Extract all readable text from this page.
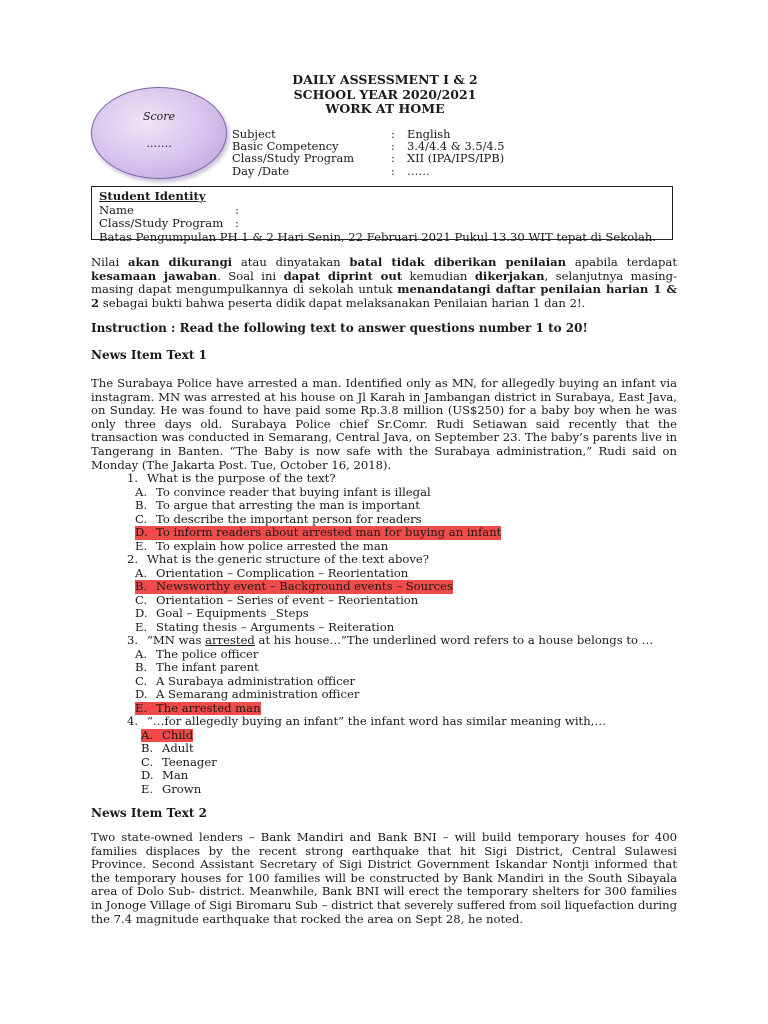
Score
…….
DAILY ASSESSMENT I & 2
SCHOOL YEAR 2020/2021
WORK AT HOME
Subject	:	English
Basic Competency	:	3.4/4.4 & 3.5/4.5
Class/Study Program	:	XII (IPA/IPS/IPB)
Day /Date	:	……
Student Identity
Name	:
Class/Study Program	:
Batas Pengumpulan PH 1 & 2 Hari Senin, 22 Februari 2021 Pukul 13.30 WIT tepat di Sekolah.
Nilai akan dikurangi atau dinyatakan batal tidak diberikan penilaian apabila terdapat kesamaan jawaban. Soal ini dapat diprint out kemudian dikerjakan, selanjutnya masing-masing dapat mengumpulkannya di sekolah untuk menandatangi daftar penilaian harian 1 & 2 sebagai bukti bahwa peserta didik dapat melaksanakan Penilaian harian 1 dan 2!.
Instruction : Read the following text to answer questions number 1 to 20!
News Item Text 1
The Surabaya Police have arrested a man. Identified only as MN, for allegedly buying an infant via instagram. MN was arrested at his house on Jl Karah in Jambangan district in Surabaya, East Java, on Sunday. He was found to have paid some Rp.3.8 million (US$250) for a baby boy when he was only three days old. Surabaya Police chief Sr.Comr. Rudi Setiawan said recently that the transaction was conducted in Semarang, Central Java, on September 23. The baby’s parents live in Tangerang in Banten. “The Baby is now safe with the Surabaya administration,” Rudi said on Monday (The Jakarta Post. Tue, October 16, 2018).
1. What is the purpose of the text?
A. To convince reader that buying infant is illegal
B. To argue that arresting the man is important
C. To describe the important person for readers
D. To inform readers about arrested man for buying an infant
E. To explain how police arrested the man
2. What is the generic structure of the text above?
A. Orientation – Complication – Reorientation
B. Newsworthy event – Background events – Sources
C. Orientation – Series of event – Reorientation
D. Goal – Equipments _Steps
E. Stating thesis – Arguments – Reiteration
3. “MN was arrested at his house…”The underlined word refers to a house belongs to …
A. The police officer
B. The infant parent
C. A Surabaya administration officer
D. A Semarang administration officer
E. The arrested man
4. “…for allegedly buying an infant” the infant word has similar meaning with,…
A. Child
B. Adult
C. Teenager
D. Man
E. Grown
News Item Text 2
Two state-owned lenders – Bank Mandiri and Bank BNI – will build temporary houses for 400 families displaces by the recent strong earthquake that hit Sigi District, Central Sulawesi Province. Second Assistant Secretary of Sigi District Government Iskandar Nontji informed that the temporary houses for 100 families will be constructed by Bank Mandiri in the South Sibayala area of Dolo Sub- district. Meanwhile, Bank BNI will erect the temporary shelters for 300 families in Jonoge Village of Sigi Biromaru Sub – district that severely suffered from soil liquefaction during the 7.4 magnitude earthquake that rocked the area on Sept 28, he noted.
